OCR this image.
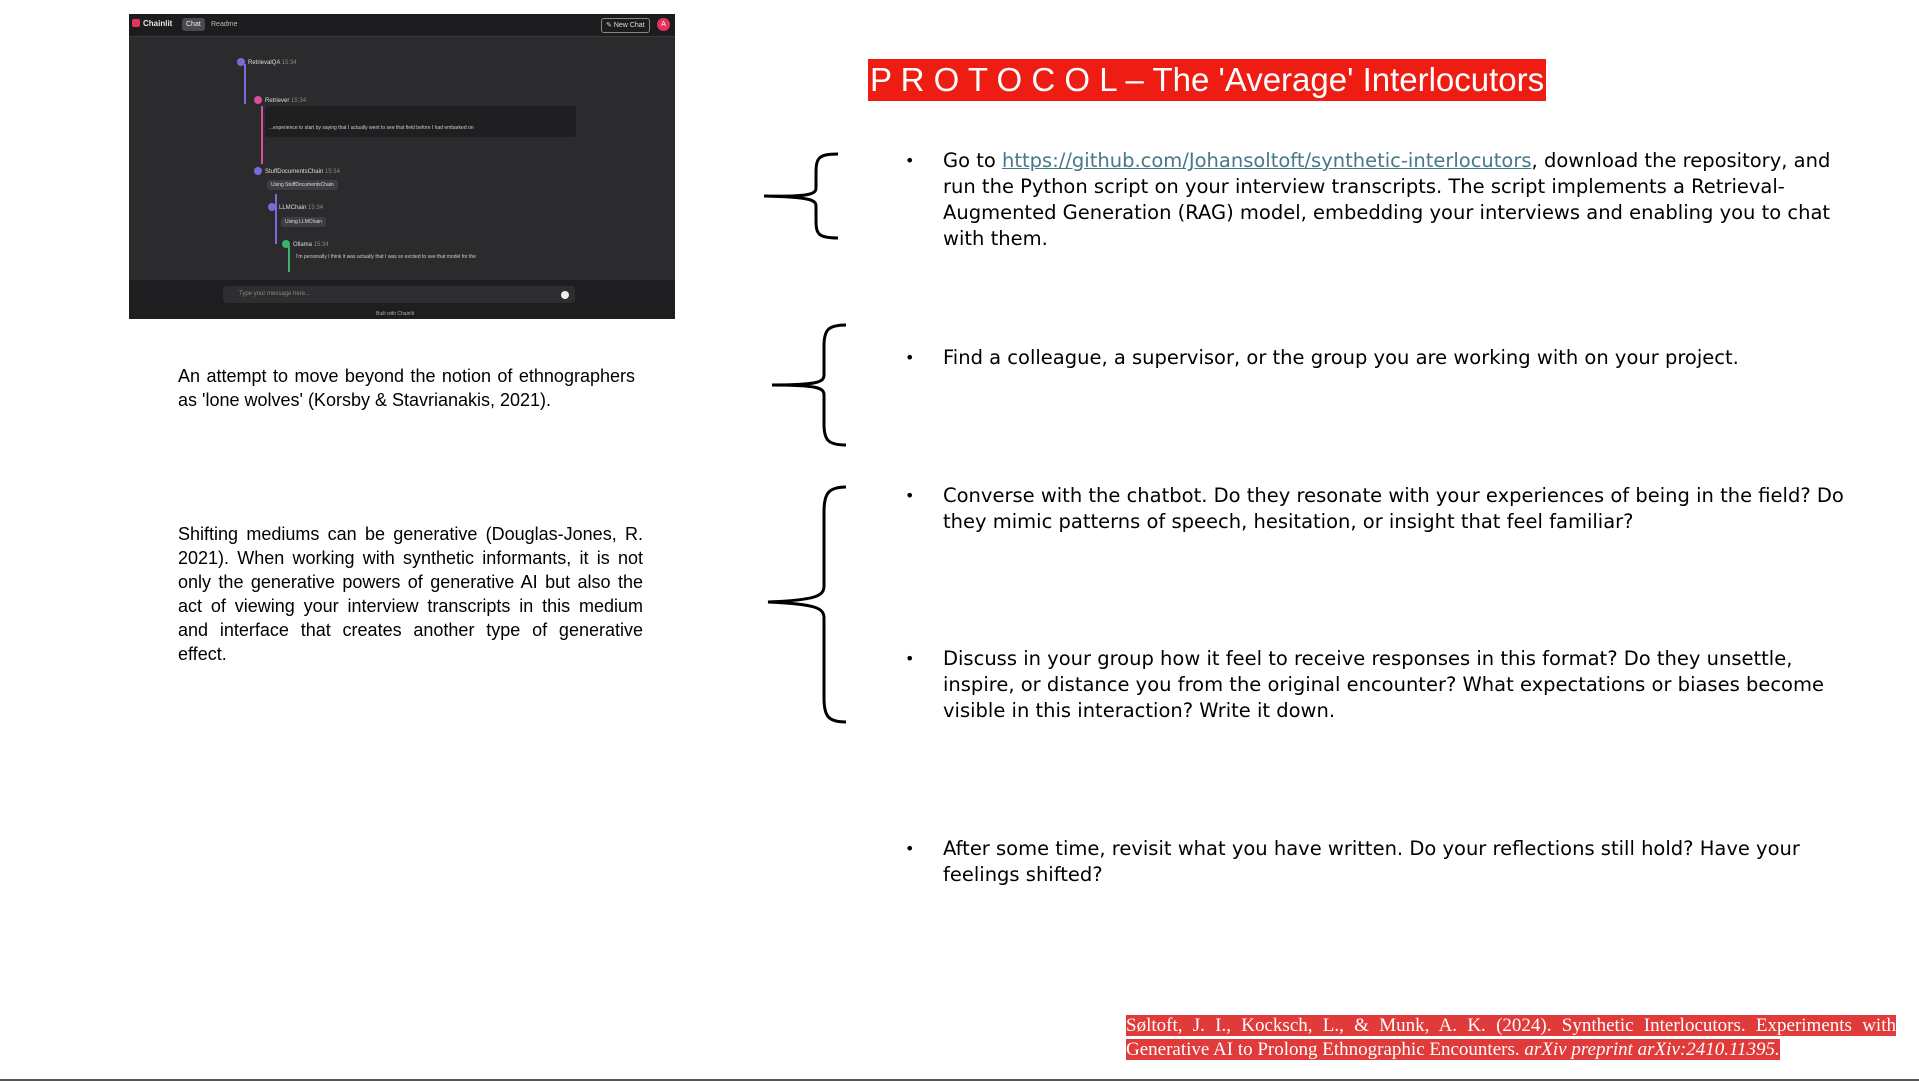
Chainlit	Chat	Readme	✎ New Chat	A
RetrievalQA 15:34
Retriever 15:34
...experience to start by saying that I actually went to see that field before I had embarked on
StuffDocumentsChain 15:34
Using StuffDocumentsChain
LLMChain 15:34
Using LLMChain
Ollama 15:34
I'm personally I think it was actually that I was so excited to see that model for the
Type your message here...
Built with Chainlit
An attempt to move beyond the notion of ethnographers as 'lone wolves' (Korsby & Stavrianakis, 2021).
Shifting mediums can be generative (Douglas-Jones, R. 2021). When working with synthetic informants, it is not only the generative powers of generative AI but also the act of viewing your interview transcripts in this medium and interface that creates another type of generative effect.
P R O T O C O L – The 'Average' Interlocutors
• Go to https://github.com/Johansoltoft/synthetic-interlocutors, download the repository, and run the Python script on your interview transcripts. The script implements a Retrieval-Augmented Generation (RAG) model, embedding your interviews and enabling you to chat with them.
• Find a colleague, a supervisor, or the group you are working with on your project.
• Converse with the chatbot. Do they resonate with your experiences of being in the field? Do they mimic patterns of speech, hesitation, or insight that feel familiar?
• Discuss in your group how it feel to receive responses in this format? Do they unsettle, inspire, or distance you from the original encounter? What expectations or biases become visible in this interaction? Write it down.
• After some time, revisit what you have written. Do your reflections still hold? Have your feelings shifted?
Søltoft, J. I., Kocksch, L., & Munk, A. K. (2024). Synthetic Interlocutors. Experiments with Generative AI to Prolong Ethnographic Encounters. arXiv preprint arXiv:2410.11395.
